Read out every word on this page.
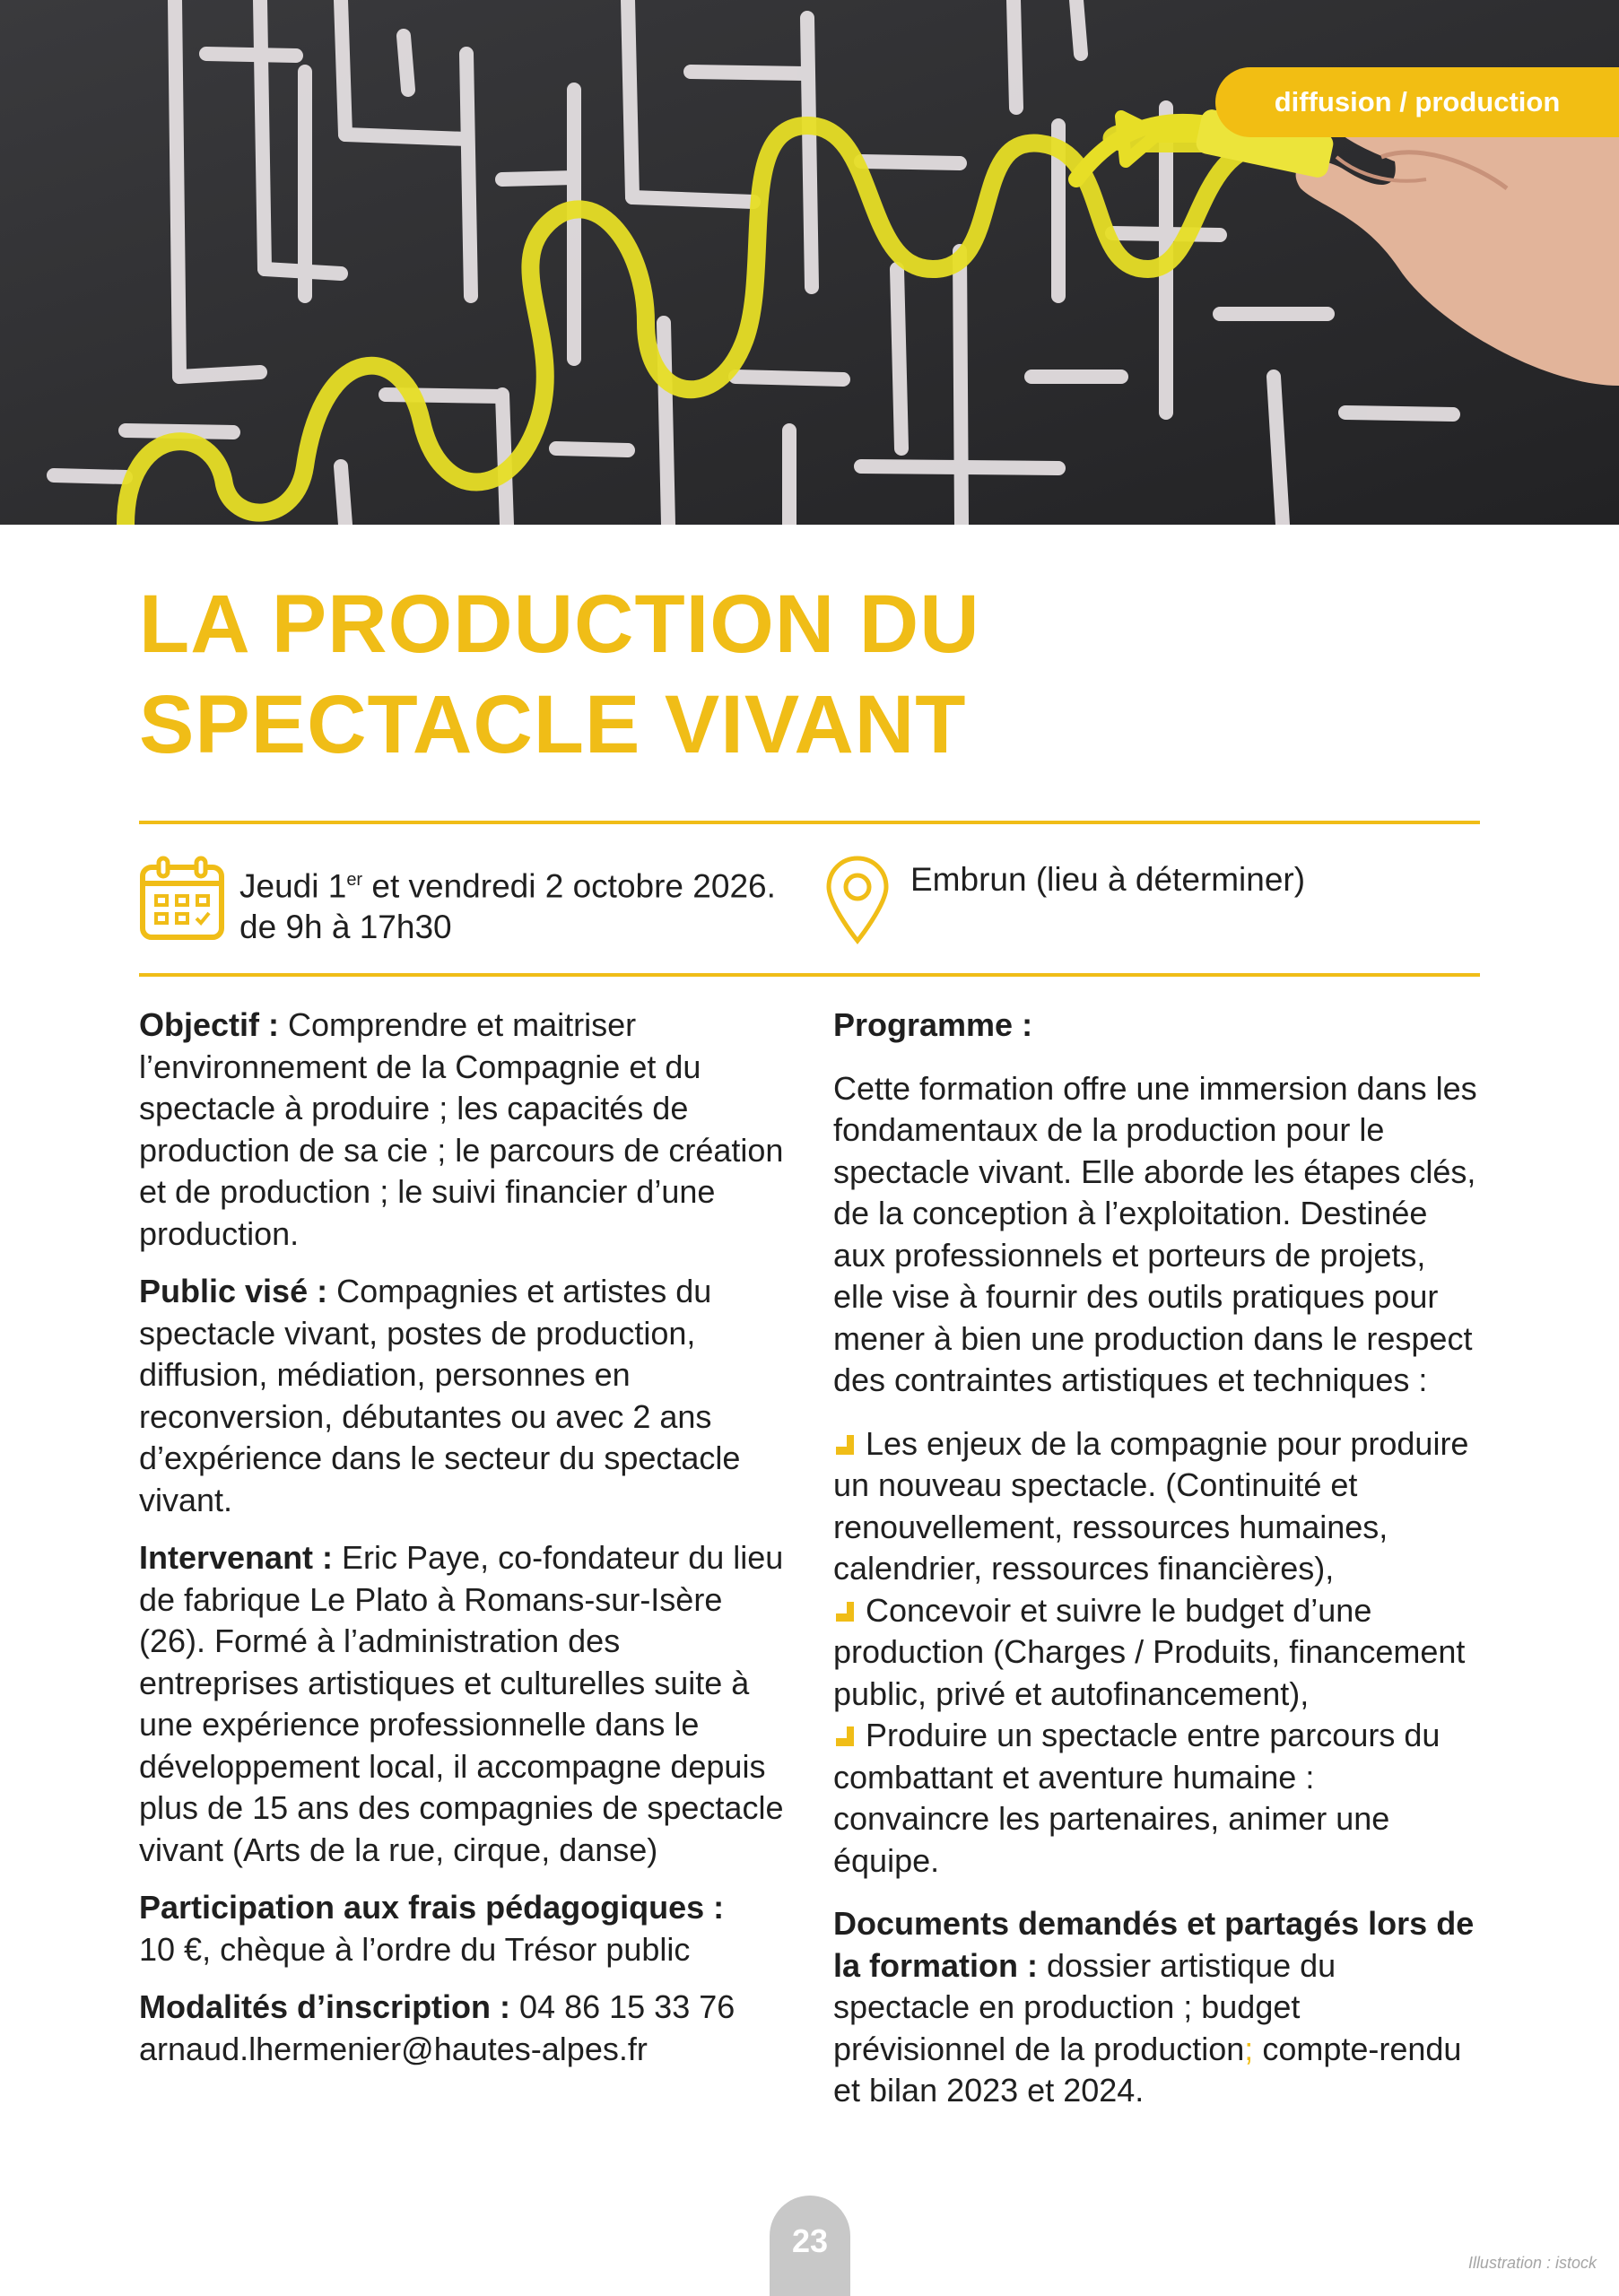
diffusion / production
LA PRODUCTION DU SPECTACLE VIVANT
Jeudi 1er et vendredi 2 octobre 2026.
de 9h à 17h30
Embrun (lieu à déterminer)

Objectif : Comprendre et maitriser l’environnement de la Compagnie et du spectacle à produire ; les capacités de production de sa cie ; le parcours de création et de production ; le suivi financier d’une production.

Public visé : Compagnies et artistes du spectacle vivant, postes de production, diffusion, médiation, personnes en reconversion, débutantes ou avec 2 ans d’expérience dans le secteur du spectacle vivant.

Intervenant : Eric Paye, co-fondateur du lieu de fabrique Le Plato à Romans-sur-Isère (26). Formé à l’administration des entreprises artistiques et culturelles suite à une expérience professionnelle dans le développement local, il accompagne depuis plus de 15 ans des compagnies de spectacle vivant (Arts de la rue, cirque, danse)

Participation aux frais pédagogiques :
10 €, chèque à l’ordre du Trésor public

Modalités d’inscription : 04 86 15 33 76
arnaud.lhermenier@hautes-alpes.fr

Programme :

Cette formation offre une immersion dans les fondamentaux de la production pour le spectacle vivant. Elle aborde les étapes clés, de la conception à l’exploitation. Destinée aux professionnels et porteurs de projets, elle vise à fournir des outils pratiques pour mener à bien une production dans le respect des contraintes artistiques et techniques :

Les enjeux de la compagnie pour produire un nouveau spectacle. (Continuité et renouvellement, ressources humaines, calendrier, ressources financières),

Concevoir et suivre le budget d’une production (Charges / Produits, financement public, privé et autofinancement),

Produire un spectacle entre parcours du combattant et aventure humaine : convaincre les partenaires, animer une équipe.

Documents demandés et partagés lors de la formation : dossier artistique du spectacle en production ; budget prévisionnel de la production; compte-rendu et bilan 2023 et 2024.

23
Illustration : istock
